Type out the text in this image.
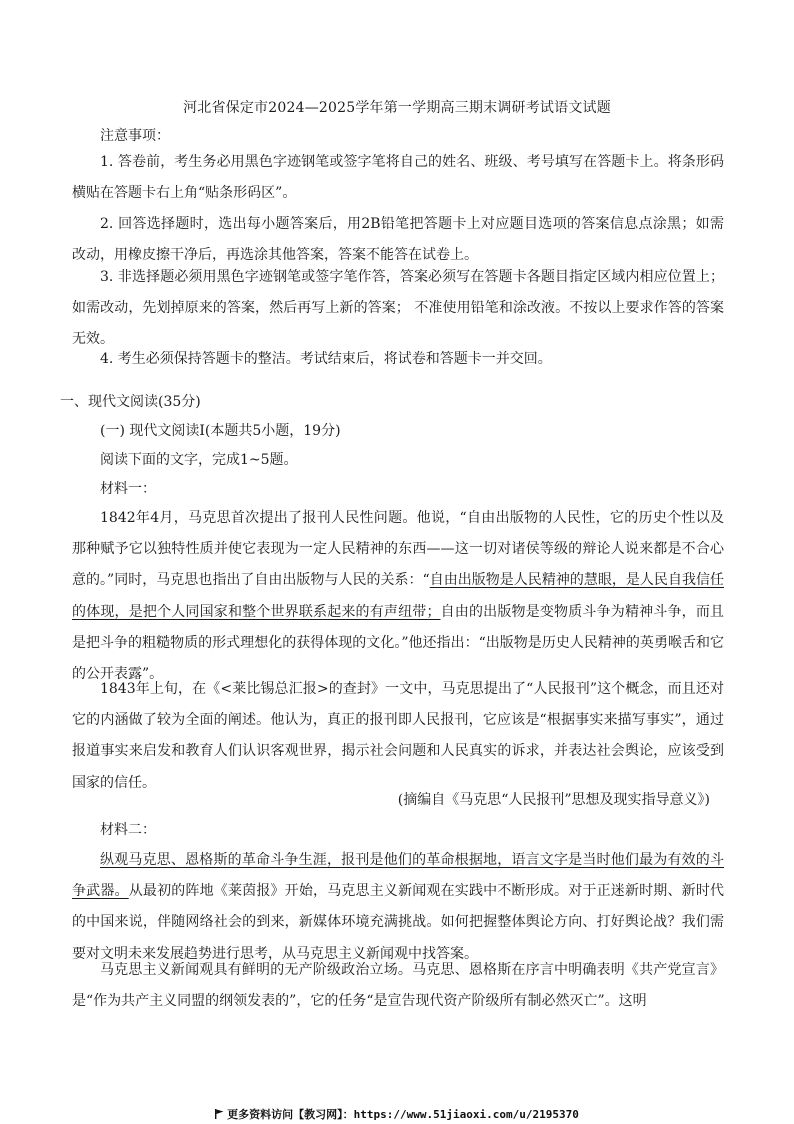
河北省保定市2024—2025学年第一学期高三期末调研考试语文试题
注意事项：
1. 答卷前，考生务必用黑色字迹钢笔或签字笔将自己的姓名、班级、考号填写在答题卡上。将条形码横贴在答题卡右上角“贴条形码区”。
2. 回答选择题时，选出每小题答案后，用2B铅笔把答题卡上对应题目选项的答案信息点涂黑；如需改动，用橡皮擦干净后，再选涂其他答案，答案不能答在试卷上。
3. 非选择题必须用黑色字迹钢笔或签字笔作答，答案必须写在答题卡各题目指定区域内相应位置上； 如需改动，先划掉原来的答案，然后再写上新的答案； 不准使用铅笔和涂改液。不按以上要求作答的答案无效。
4. 考生必须保持答题卡的整洁。考试结束后，将试卷和答题卡一并交回。
一、现代文阅读(35分)
(一) 现代文阅读Ⅰ(本题共5小题，19分)
阅读下面的文字，完成1~5题。
材料一：
1842年4月，马克思首次提出了报刊人民性问题。他说，“自由出版物的人民性，它的历史个性以及那种赋予它以独特性质并使它表现为一定人民精神的东西——这一切对诸侯等级的辩论人说来都是不合心意的。”同时，马克思也指出了自由出版物与人民的关系：“自由出版物是人民精神的慧眼，是人民自我信任的体现，是把个人同国家和整个世界联系起来的有声纽带；自由的出版物是变物质斗争为精神斗争，而且是把斗争的粗糙物质的形式理想化的获得体现的文化。”他还指出：“出版物是历史人民精神的英勇喉舌和它的公开表露”。
1843年上旬，在《<莱比锡总汇报>的查封》一文中，马克思提出了“人民报刊”这个概念，而且还对它的内涵做了较为全面的阐述。他认为，真正的报刊即人民报刊，它应该是“根据事实来描写事实”，通过报道事实来启发和教育人们认识客观世界，揭示社会问题和人民真实的诉求，并表达社会舆论，应该受到国家的信任。
(摘编自《马克思“人民报刊”思想及现实指导意义》)
材料二：
纵观马克思、恩格斯的革命斗争生涯，报刊是他们的革命根据地，语言文字是当时他们最为有效的斗争武器。从最初的阵地《莱茵报》开始，马克思主义新闻观在实践中不断形成。对于正迷新时期、新时代的中国来说，伴随网络社会的到来，新媒体环境充满挑战。如何把握整体舆论方向、打好舆论战？我们需要对文明未来发展趋势进行思考，从马克思主义新闻观中找答案。
马克思主义新闻观具有鲜明的无产阶级政治立场。马克思、恩格斯在序言中明确表明《共产党宣言》是“作为共产主义同盟的纲领发表的”，它的任务“是宣告现代资产阶级所有制必然灭亡”。这明
更多资料访问【教习网】：https://www.51jiaoxi.com/u/2195370
